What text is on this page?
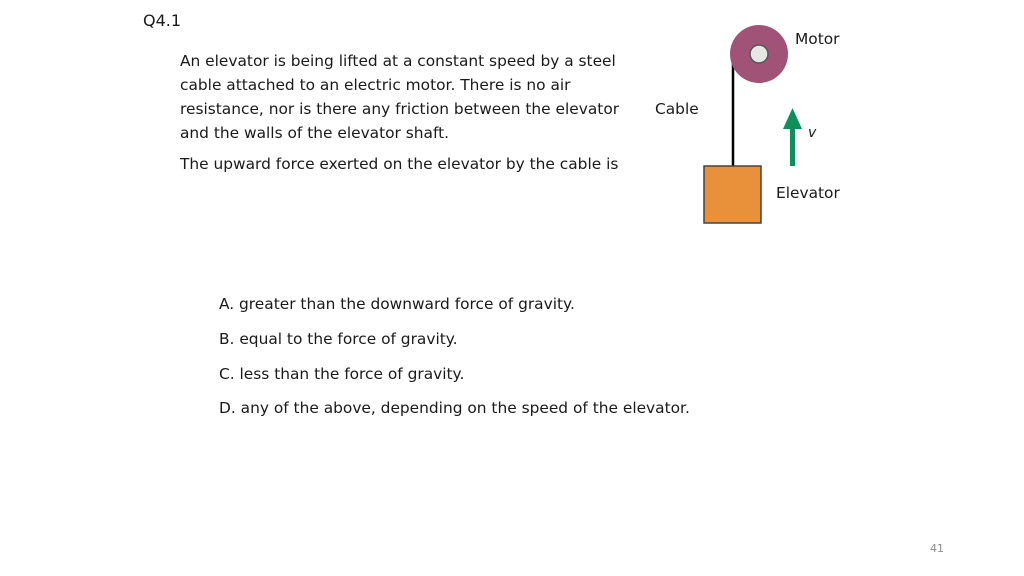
Q4.1

An elevator is being lifted at a constant speed by a steel cable attached to an electric motor. There is no air resistance, nor is there any friction between the elevator and the walls of the elevator shaft.

The upward force exerted on the elevator by the cable is

Motor
Cable
Elevator
v

A. greater than the downward force of gravity.

B. equal to the force of gravity.

C. less than the force of gravity.

D. any of the above, depending on the speed of the elevator.

41
